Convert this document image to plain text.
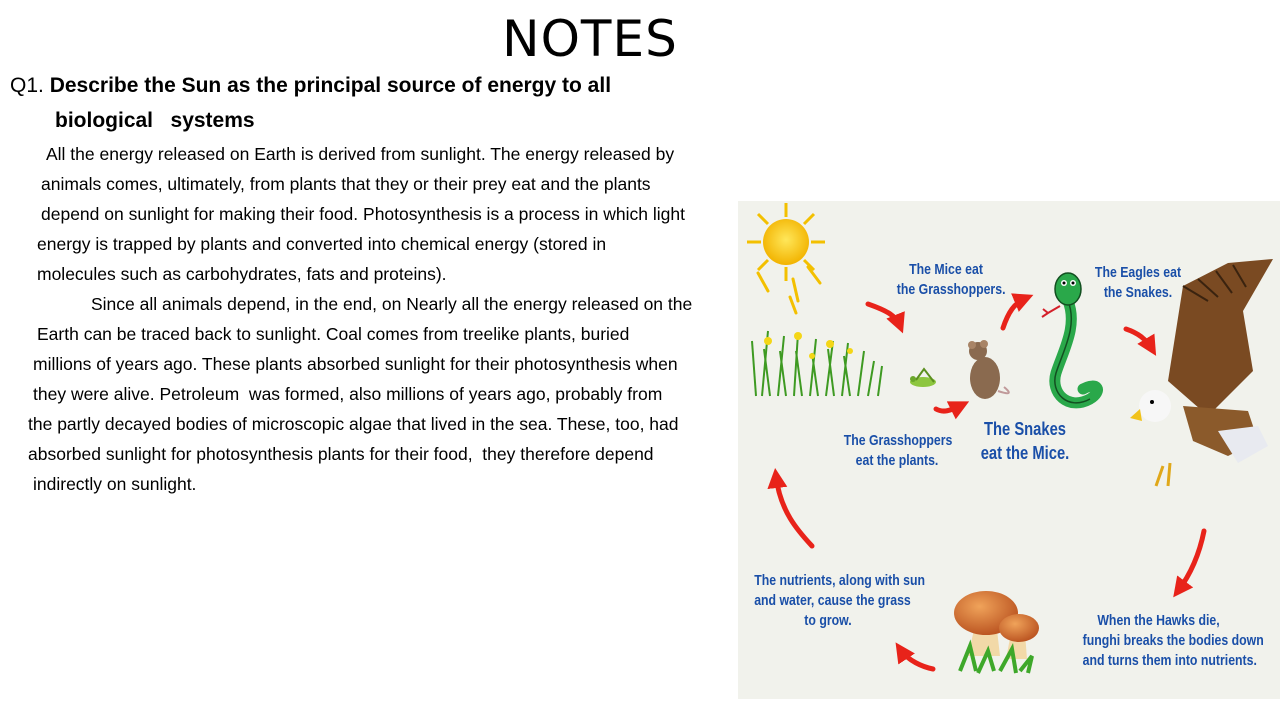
NOTES
Q1. Describe the Sun as the principal source of energy to all
biological   systems
All the energy released on Earth is derived from sunlight. The energy released by
animals comes, ultimately, from plants that they or their prey eat and the plants
depend on sunlight for making their food. Photosynthesis is a process in which light
energy is trapped by plants and converted into chemical energy (stored in
molecules such as carbohydrates, fats and proteins).
Since all animals depend, in the end, on Nearly all the energy released on the
Earth can be traced back to sunlight. Coal comes from treelike plants, buried
millions of years ago. These plants absorbed sunlight for their photosynthesis when
they were alive. Petroleum  was formed, also millions of years ago, probably from
the partly decayed bodies of microscopic algae that lived in the sea. These, too, had
absorbed sunlight for photosynthesis plants for their food,  they therefore depend
indirectly on sunlight.
The Mice eat
the Grasshoppers.
The Eagles eat
the Snakes.
The Grasshoppers
eat the plants.
The Snakes
eat the Mice.
The nutrients, along with sun
and water, cause the grass
to grow.	When the Hawks die,
funghi breaks the bodies down
and turns them into nutrients.
